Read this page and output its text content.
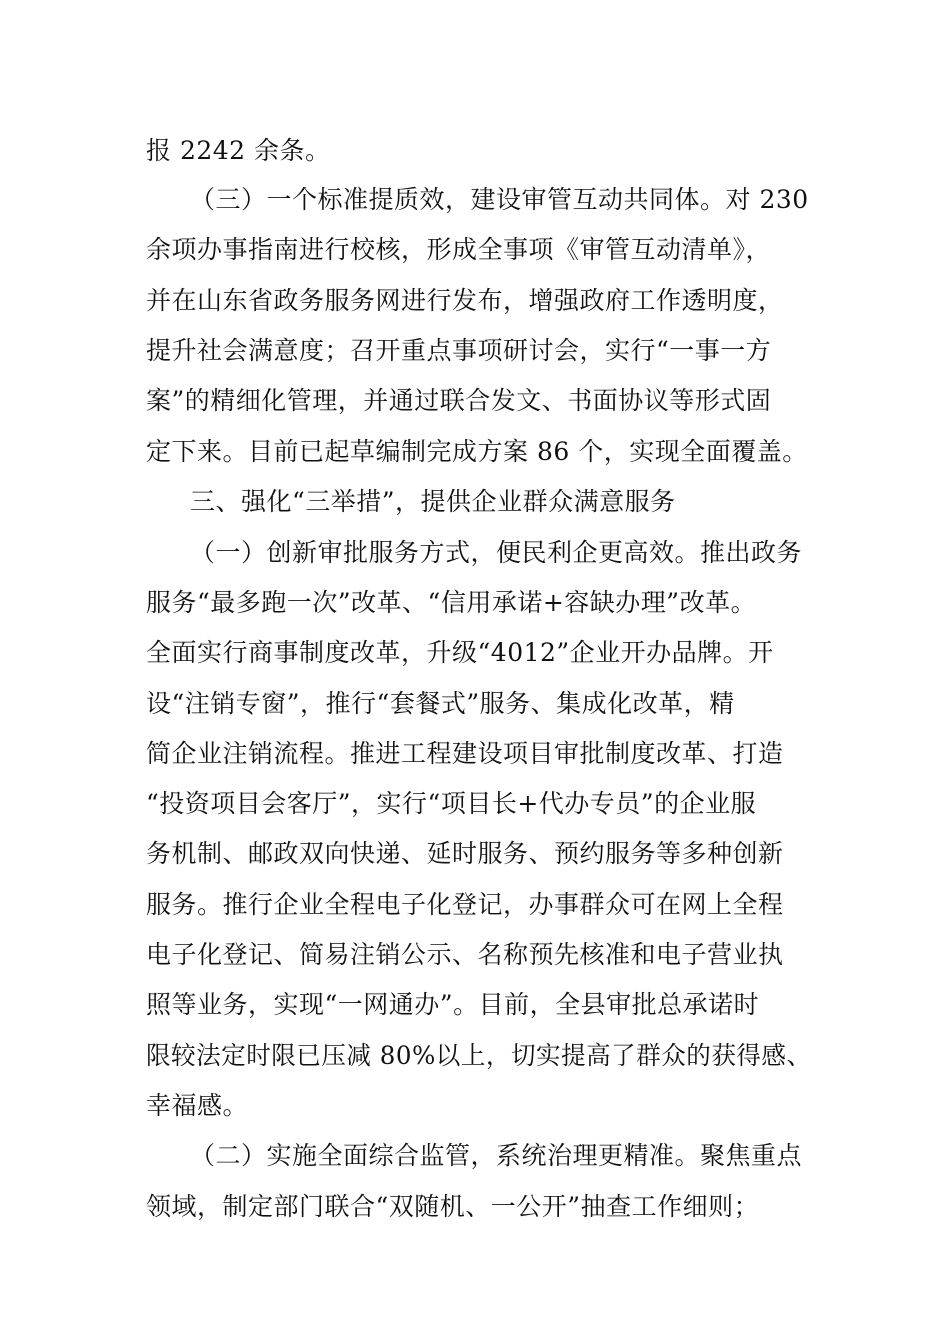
报 2242 余条。
（三）一个标准提质效，建设审管互动共同体。对 230
余项办事指南进行校核，形成全事项《审管互动清单》，
并在山东省政务服务网进行发布，增强政府工作透明度，
提升社会满意度；召开重点事项研讨会，实行“一事一方
案”的精细化管理，并通过联合发文、书面协议等形式固
定下来。目前已起草编制完成方案 86 个，实现全面覆盖。
三、强化“三举措”，提供企业群众满意服务
（一）创新审批服务方式，便民利企更高效。推出政务
服务“最多跑一次”改革、“信用承诺+容缺办理”改革。
全面实行商事制度改革，升级“4012”企业开办品牌。开
设“注销专窗”，推行“套餐式”服务、集成化改革，精
简企业注销流程。推进工程建设项目审批制度改革、打造
“投资项目会客厅”，实行“项目长+代办专员”的企业服
务机制、邮政双向快递、延时服务、预约服务等多种创新
服务。推行企业全程电子化登记，办事群众可在网上全程
电子化登记、简易注销公示、名称预先核准和电子营业执
照等业务，实现“一网通办”。目前，全县审批总承诺时
限较法定时限已压减 80%以上，切实提高了群众的获得感、
幸福感。
（二）实施全面综合监管，系统治理更精准。聚焦重点
领域，制定部门联合“双随机、一公开”抽查工作细则；
